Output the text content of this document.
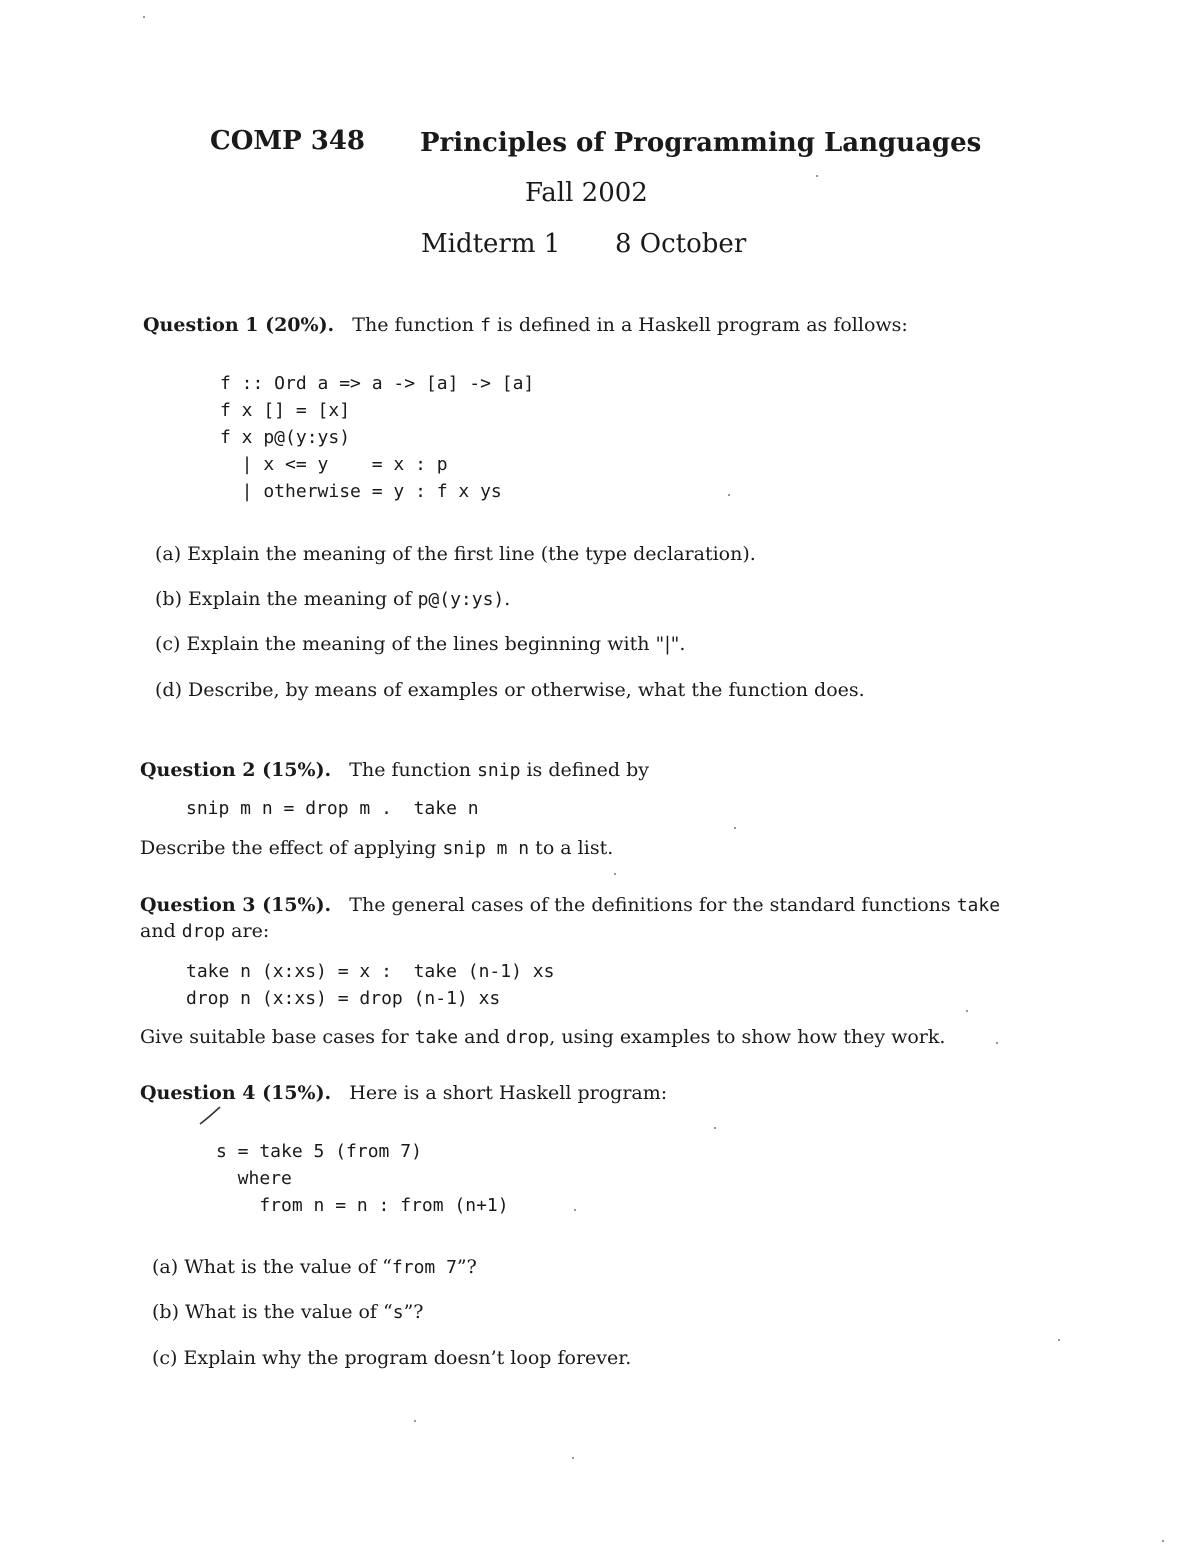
COMP 348 Principles of Programming Languages
Fall 2002
Midterm 1 8 October
Question 1 (20%). The function f is defined in a Haskell program as follows:
f :: Ord a => a -> [a] -> [a]
f x [] = [x]
f x p@(y:ys)
| x <= y    = x : p
| otherwise = y : f x ys
(a) Explain the meaning of the first line (the type declaration).
(b) Explain the meaning of p@(y:ys).
(c) Explain the meaning of the lines beginning with "|".
(d) Describe, by means of examples or otherwise, what the function does.
Question 2 (15%). The function snip is defined by
snip m n = drop m .  take n
Describe the effect of applying snip m n to a list.
Question 3 (15%). The general cases of the definitions for the standard functions take
and drop are:
take n (x:xs) = x :  take (n-1) xs
drop n (x:xs) = drop (n-1) xs
Give suitable base cases for take and drop, using examples to show how they work.
Question 4 (15%). Here is a short Haskell program:
s = take 5 (from 7)
where
from n = n : from (n+1)
(a) What is the value of “from 7”?
(b) What is the value of “s”?
(c) Explain why the program doesn’t loop forever.
